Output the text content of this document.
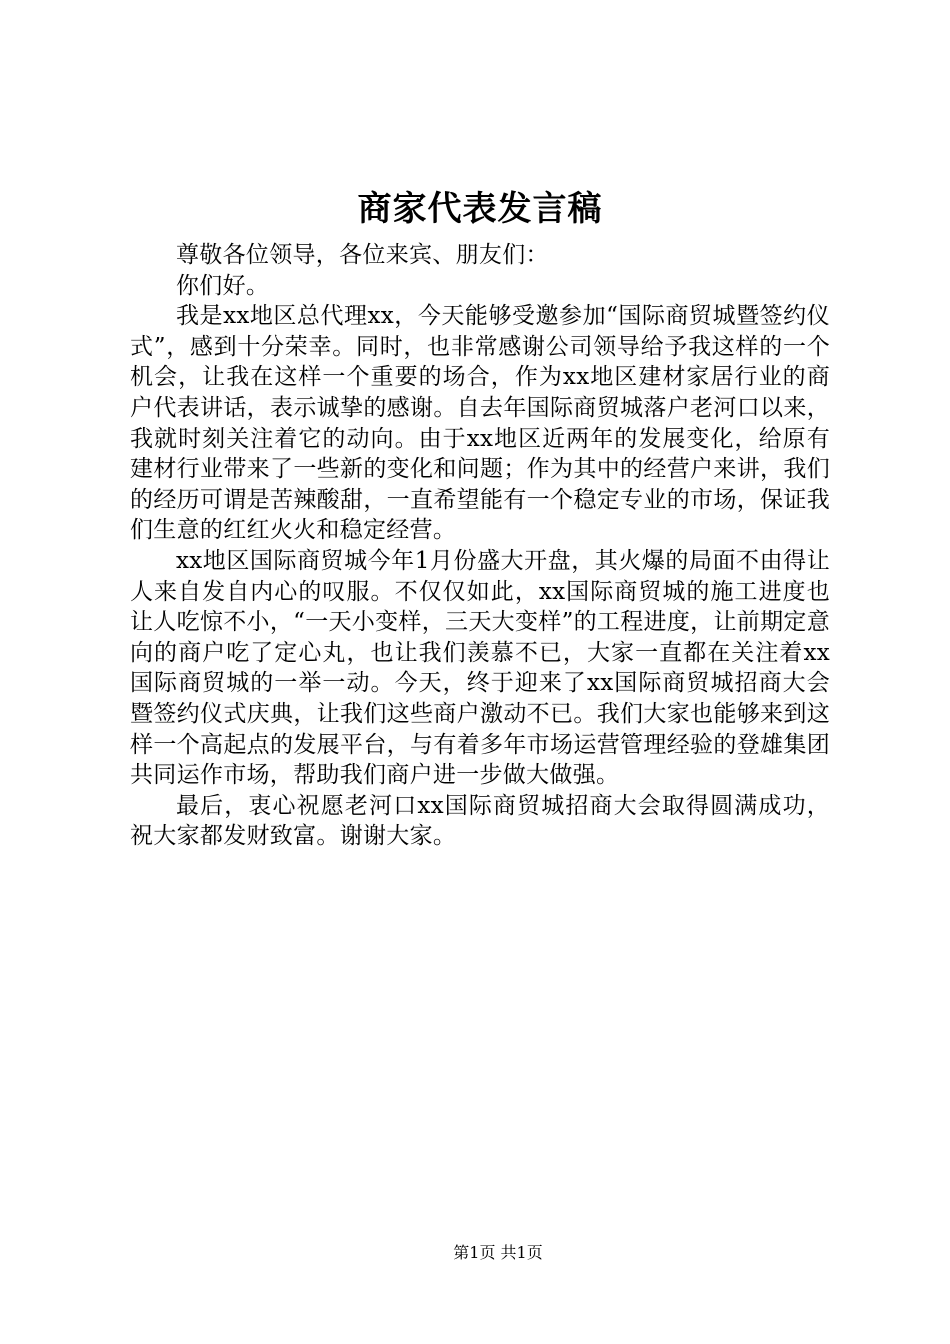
商家代表发言稿

尊敬各位领导，各位来宾、朋友们：

你们好。

我是xx地区总代理xx，今天能够受邀参加“国际商贸城暨签约仪式”，感到十分荣幸。同时，也非常感谢公司领导给予我这样的一个机会，让我在这样一个重要的场合，作为xx地区建材家居行业的商户代表讲话，表示诚挚的感谢。自去年国际商贸城落户老河口以来，我就时刻关注着它的动向。由于xx地区近两年的发展变化，给原有建材行业带来了一些新的变化和问题；作为其中的经营户来讲，我们的经历可谓是苦辣酸甜，一直希望能有一个稳定专业的市场，保证我们生意的红红火火和稳定经营。

xx地区国际商贸城今年1月份盛大开盘，其火爆的局面不由得让人来自发自内心的叹服。不仅仅如此，xx国际商贸城的施工进度也让人吃惊不小，“一天小变样，三天大变样”的工程进度，让前期定意向的商户吃了定心丸，也让我们羡慕不已，大家一直都在关注着xx国际商贸城的一举一动。今天，终于迎来了xx国际商贸城招商大会暨签约仪式庆典，让我们这些商户激动不已。我们大家也能够来到这样一个高起点的发展平台，与有着多年市场运营管理经验的登雄集团共同运作市场，帮助我们商户进一步做大做强。

最后，衷心祝愿老河口xx国际商贸城招商大会取得圆满成功，祝大家都发财致富。谢谢大家。

第1页 共1页
